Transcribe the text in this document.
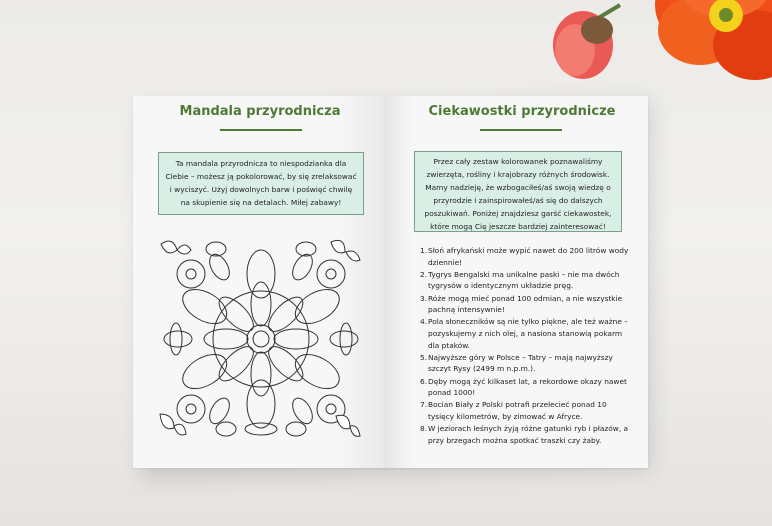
Mandala przyrodnicza
Ta mandala przyrodnicza to niespodzianka dla Ciebie – możesz ją pokolorować, by się zrelaksować i wyciszyć. Użyj dowolnych barw i poświęć chwilę na skupienie się na detalach. Miłej zabawy!
Ciekawostki przyrodnicze
Przez cały zestaw kolorowanek poznawaliśmy zwierzęta, rośliny i krajobrazy różnych środowisk. Mamy nadzieję, że wzbogaciłeś/aś swoją wiedzę o przyrodzie i zainspirowałeś/aś się do dalszych poszukiwań. Poniżej znajdziesz garść ciekawostek, które mogą Cię jeszcze bardziej zainteresować!
1. Słoń afrykański może wypić nawet do 200 litrów wody dziennie!
2. Tygrys Bengalski ma unikalne paski – nie ma dwóch tygrysów o identycznym układzie pręg.
3. Róże mogą mieć ponad 100 odmian, a nie wszystkie pachną intensywnie!
4. Pola słoneczników są nie tylko piękne, ale też ważne – pozyskujemy z nich olej, a nasiona stanowią pokarm dla ptaków.
5. Najwyższe góry w Polsce – Tatry – mają najwyższy szczyt Rysy (2499 m n.p.m.).
6. Dęby mogą żyć kilkaset lat, a rekordowe okazy nawet ponad 1000!
7. Bocian Biały z Polski potrafi przelecieć ponad 10 tysięcy kilometrów, by zimować w Afryce.
8. W jeziorach leśnych żyją różne gatunki ryb i płazów, a przy brzegach można spotkać traszki czy żaby.
